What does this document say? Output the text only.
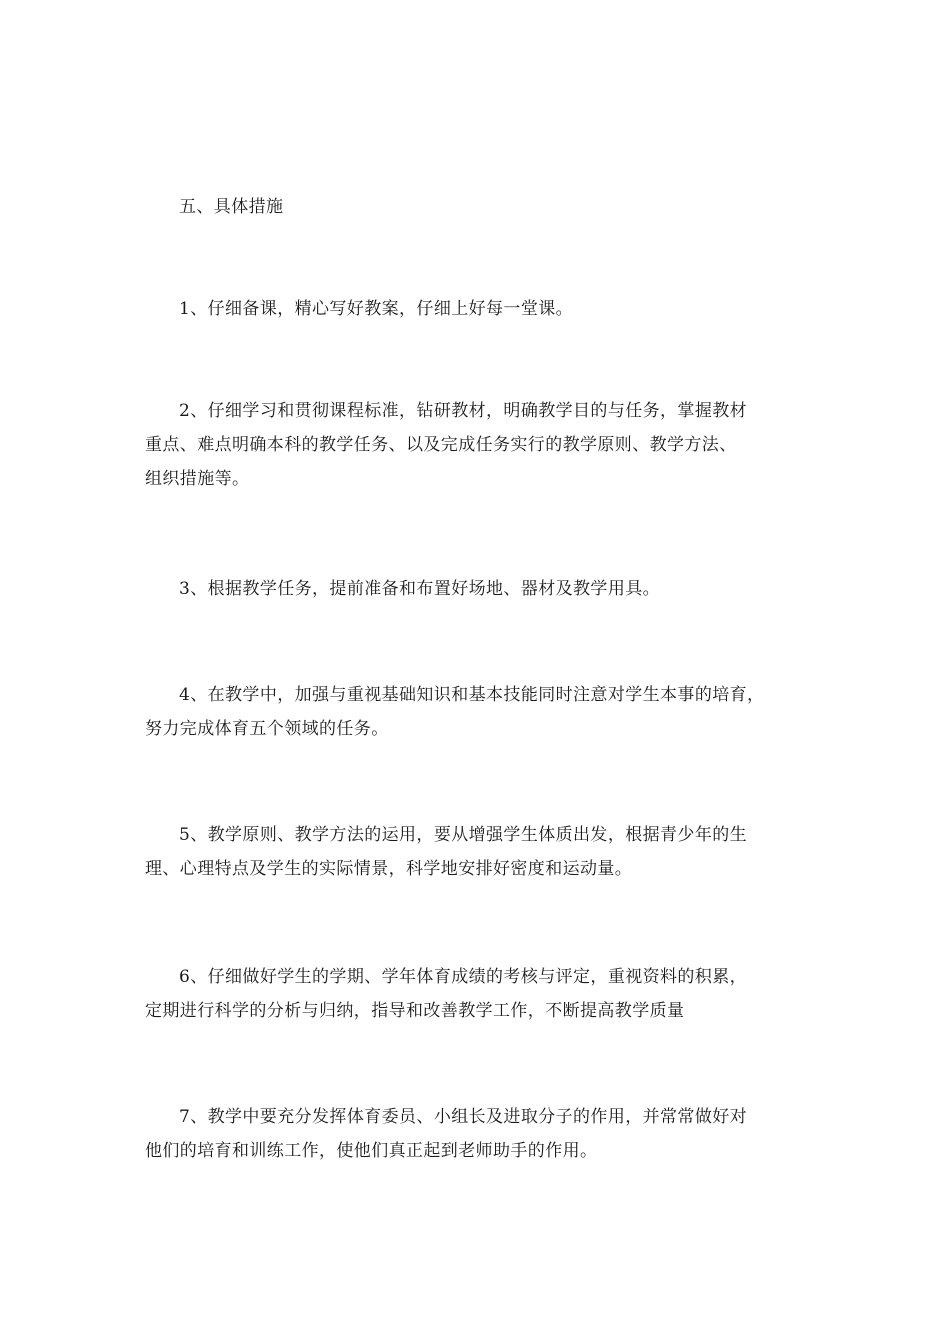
五、具体措施

1、仔细备课，精心写好教案，仔细上好每一堂课。

2、仔细学习和贯彻课程标准，钻研教材，明确教学目的与任务，掌握教材
重点、难点明确本科的教学任务、以及完成任务实行的教学原则、教学方法、
组织措施等。

3、根据教学任务，提前准备和布置好场地、器材及教学用具。

4、在教学中，加强与重视基础知识和基本技能同时注意对学生本事的培育，
努力完成体育五个领域的任务。

5、教学原则、教学方法的运用，要从增强学生体质出发，根据青少年的生
理、心理特点及学生的实际情景，科学地安排好密度和运动量。

6、仔细做好学生的学期、学年体育成绩的考核与评定，重视资料的积累，
定期进行科学的分析与归纳，指导和改善教学工作，不断提高教学质量

7、教学中要充分发挥体育委员、小组长及进取分子的作用，并常常做好对
他们的培育和训练工作，使他们真正起到老师助手的作用。
